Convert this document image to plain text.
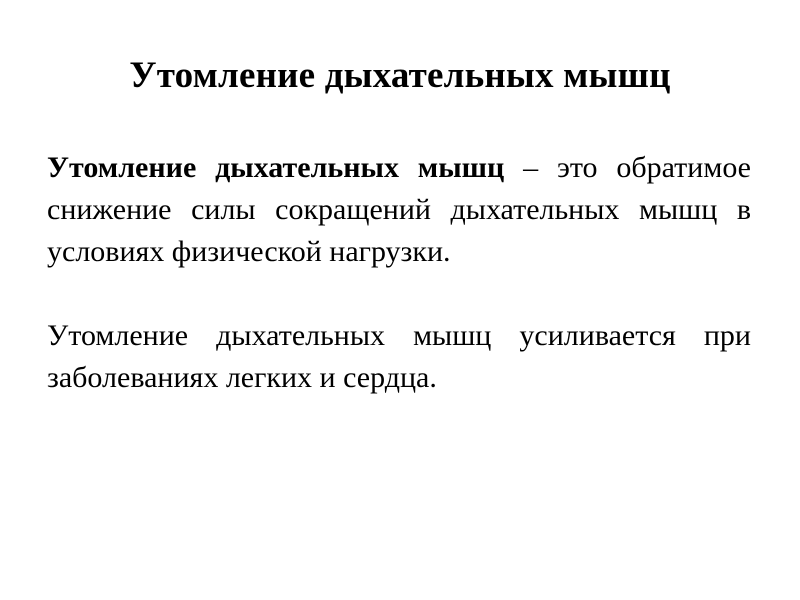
Утомление дыхательных мышц

Утомление дыхательных мышц – это обратимое снижение силы сокращений дыхательных мышц в условиях физической нагрузки.

Утомление дыхательных мышц усиливается при заболеваниях легких и сердца.
